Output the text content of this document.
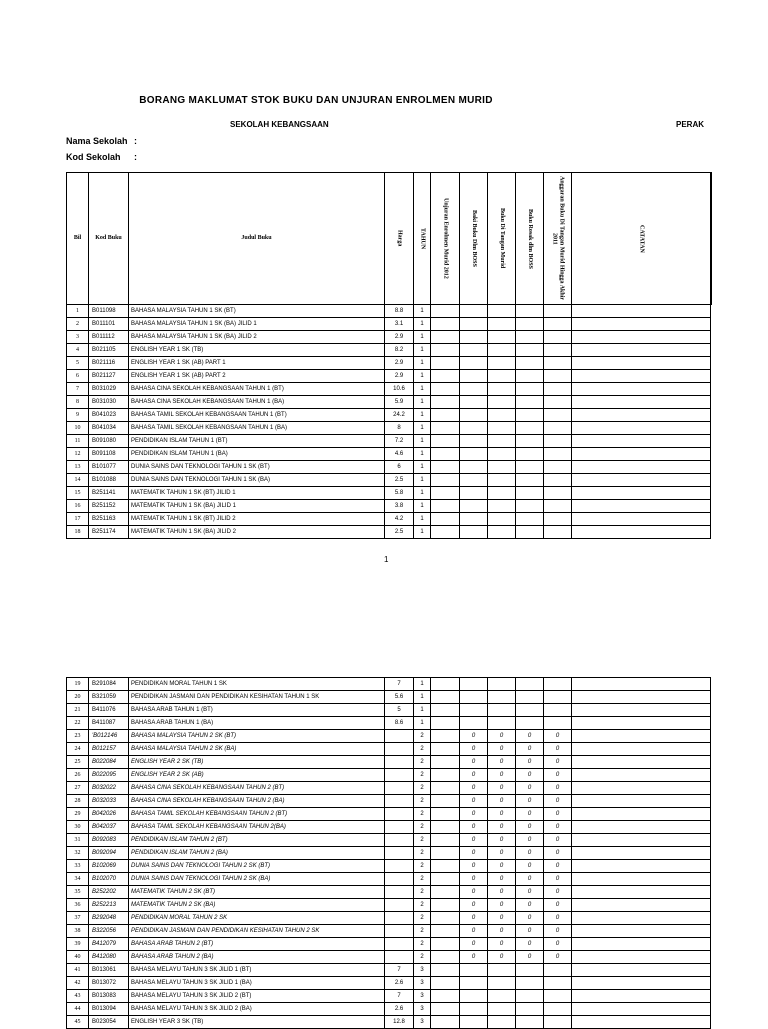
BORANG MAKLUMAT STOK BUKU DAN UNJURAN ENROLMEN MURID
SEKOLAH KEBANGSAAN	PERAK
Nama Sekolah :
Kod Sekolah :
Bil	Kod Buku	Judul Buku	Harga	TAHUN	Unjuran Enrolmen Murid 2012	Baki Buku Dlm BOSS	Buku Di Tangan Murid	Buku Rosak dlm BOSS	Anggaran Buku Di Tangan Murid Hingga Akhir 2011	CATATAN

1	B011098	BAHASA MALAYSIA TAHUN 1 SK (BT)	8.8	1						
2	B011101	BAHASA MALAYSIA TAHUN 1 SK (BA) JILID 1	3.1	1						
3	B011112	BAHASA MALAYSIA TAHUN 1 SK (BA) JILID 2	2.9	1						
4	B021105	ENGLISH YEAR 1 SK (TB)	8.2	1						
5	B021116	ENGLISH YEAR 1 SK (AB) PART 1	2.9	1						
6	B021127	ENGLISH YEAR 1 SK (AB) PART 2	2.9	1						
7	B031029	BAHASA CINA SEKOLAH KEBANGSAAN TAHUN 1 (BT)	10.6	1						
8	B031030	BAHASA CINA SEKOLAH KEBANGSAAN TAHUN 1 (BA)	5.9	1						
9	B041023	BAHASA TAMIL SEKOLAH KEBANGSAAN TAHUN 1 (BT)	24.2	1						
10	B041034	BAHASA TAMIL SEKOLAH KEBANGSAAN TAHUN 1 (BA)	8	1						
11	B091080	PENDIDIKAN ISLAM TAHUN 1 (BT)	7.2	1						
12	B091108	PENDIDIKAN ISLAM TAHUN 1 (BA)	4.6	1						
13	B101077	DUNIA SAINS DAN TEKNOLOGI TAHUN 1 SK (BT)	6	1						
14	B101088	DUNIA SAINS DAN TEKNOLOGI TAHUN 1 SK (BA)	2.5	1						
15	B251141	MATEMATIK TAHUN 1 SK (BT) JILID 1	5.8	1						
16	B251152	MATEMATIK TAHUN 1 SK (BA) JILID 1	3.8	1						
17	B251163	MATEMATIK TAHUN 1 SK (BT) JILID 2	4.2	1						
18	B251174	MATEMATIK TAHUN 1 SK (BA) JILID 2	2.5	1						
1
19	B291084	PENDIDIKAN MORAL TAHUN 1 SK	7	1						
20	B321059	PENDIDIKAN JASMANI DAN PENDIDIKAN KESIHATAN TAHUN 1 SK	5.6	1						
21	B411076	BAHASA ARAB TAHUN 1 (BT)	5	1						
22	B411087	BAHASA ARAB TAHUN 1 (BA)	8.6	1						
23	'B012146	BAHASA MALAYSIA TAHUN 2 SK (BT)		2		0	0	0	0	
24	B012157	BAHASA MALAYSIA TAHUN 2 SK (BA)		2		0	0	0	0	
25	B022084	ENGLISH YEAR 2 SK (TB)		2		0	0	0	0	
26	B022095	ENGLISH YEAR 2 SK (AB)		2		0	0	0	0	
27	B032022	BAHASA CINA SEKOLAH KEBANGSAAN TAHUN 2 (BT)		2		0	0	0	0	
28	B032033	BAHASA CINA SEKOLAH KEBANGSAAN TAHUN 2 (BA)		2		0	0	0	0	
29	B042026	BAHASA TAMIL SEKOLAH KEBANGSAAN TAHUN 2 (BT)		2		0	0	0	0	
30	B042037	BAHASA TAMIL SEKOLAH KEBANGSAAN TAHUN 2(BA)		2		0	0	0	0	
31	B092083	PENDIDIKAN ISLAM TAHUN 2 (BT)		2		0	0	0	0	
32	B092094	PENDIDIKAN ISLAM TAHUN 2 (BA)		2		0	0	0	0	
33	B102069	DUNIA SAINS DAN TEKNOLOGI TAHUN 2 SK (BT)		2		0	0	0	0	
34	B102070	DUNIA SAINS DAN TEKNOLOGI TAHUN 2 SK (BA)		2		0	0	0	0	
35	B252202	MATEMATIK TAHUN 2 SK (BT)		2		0	0	0	0	
36	B252213	MATEMATIK TAHUN 2 SK (BA)		2		0	0	0	0	
37	B292048	PENDIDIKAN MORAL TAHUN 2 SK		2		0	0	0	0	
38	B322056	PENDIDIKAN JASMANI DAN PENDIDIKAN KESIHATAN TAHUN 2 SK		2		0	0	0	0	
39	B412079	BAHASA ARAB TAHUN 2 (BT)		2		0	0	0	0	
40	B412080	BAHASA ARAB TAHUN 2 (BA)		2		0	0	0	0	
41	B013061	BAHASA MELAYU TAHUN 3 SK JILID 1 (BT)	7	3						
42	B013072	BAHASA MELAYU TAHUN 3 SK JILID 1 (BA)	2.6	3						
43	B013083	BAHASA MELAYU TAHUN 3 SK JILID 2 (BT)	7	3						
44	B013094	BAHASA MELAYU TAHUN 3 SK JILID 2 (BA)	2.6	3						
45	B023054	ENGLISH YEAR 3 SK (TB)	12.8	3						
